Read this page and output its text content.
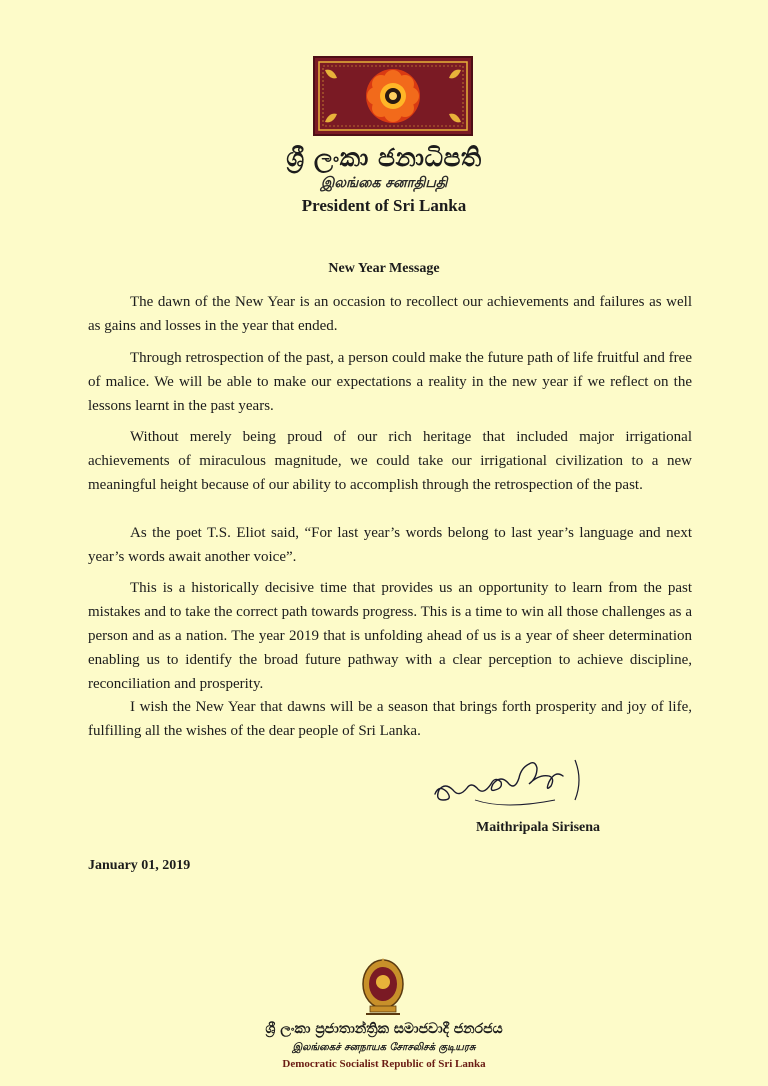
ශ්‍රී ලංකා ජනාධිපති
இலங்கை சனாதிபதி
President of Sri Lanka
New Year Message

The dawn of the New Year is an occasion to recollect our achievements and failures as well as gains and losses in the year that ended.

Through retrospection of the past, a person could make the future path of life fruitful and free of malice. We will be able to make our expectations a reality in the new year if we reflect on the lessons learnt in the past years.

Without merely being proud of our rich heritage that included major irrigational achievements of miraculous magnitude, we could take our irrigational civilization to a new meaningful height because of our ability to accomplish through the retrospection of the past.

As the poet T.S. Eliot said, “For last year’s words belong to last year’s language and next year’s words await another voice”.

This is a historically decisive time that provides us an opportunity to learn from the past mistakes and to take the correct path towards progress. This is a time to win all those challenges as a person and as a nation. The year 2019 that is unfolding ahead of us is a year of sheer determination enabling us to identify the broad future pathway with a clear perception to achieve discipline, reconciliation and prosperity.

I wish the New Year that dawns will be a season that brings forth prosperity and joy of life, fulfilling all the wishes of the dear people of Sri Lanka.

Maithripala Sirisena
January 01, 2019
ශ්‍රී ලංකා ප්‍රජාතාන්ත්‍රික සමාජවාදී ජනරජය
இலங்கைச் சனநாயக சோசலிசக் குடியரசு
Democratic Socialist Republic of Sri Lanka
